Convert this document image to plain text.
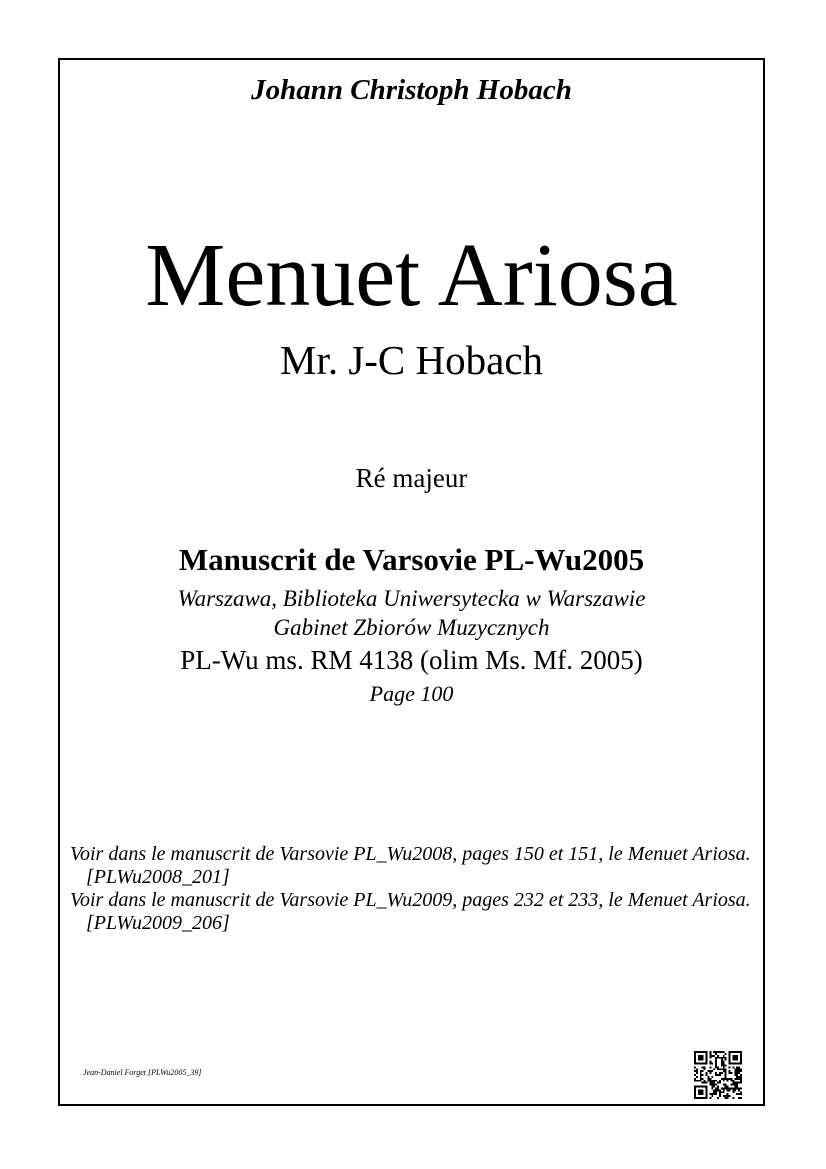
Johann Christoph Hobach
Menuet Ariosa
Mr. J-C Hobach
Ré majeur
Manuscrit de Varsovie PL-Wu2005
Warszawa, Biblioteka Uniwersytecka w Warszawie
Gabinet Zbiorów Muzycznych
PL-Wu ms. RM 4138 (olim Ms. Mf. 2005)
Page 100

Voir dans le manuscrit de Varsovie PL_Wu2008, pages 150 et 151, le Menuet Ariosa. [PLWu2008_201]

Voir dans le manuscrit de Varsovie PL_Wu2009, pages 232 et 233, le Menuet Ariosa. [PLWu2009_206]

Jean-Daniel Forget [PLWu2005_39]
